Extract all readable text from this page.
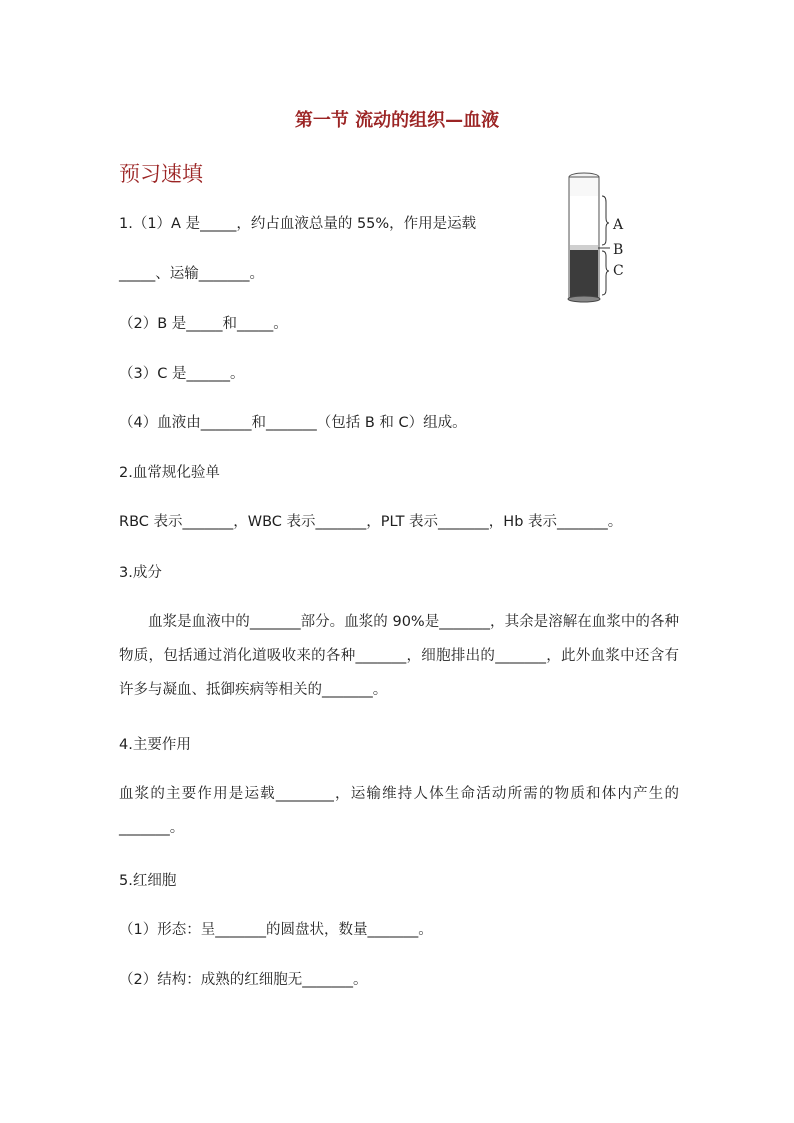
第一节 流动的组织—血液
预习速填
A
B
C
1.（1）A 是_____，约占血液总量的 55%，作用是运载
_____、运输_______。
（2）B 是_____和_____。
（3）C 是______。
（4）血液由_______和_______（包括 B 和 C）组成。
2.血常规化验单
RBC 表示_______，WBC 表示_______，PLT 表示_______，Hb 表示_______。
3.成分
　　血浆是血液中的_______部分。血浆的 90%是_______，其余是溶解在血浆中的各种物质，包括通过消化道吸收来的各种_______，细胞排出的_______，此外血浆中还含有许多与凝血、抵御疾病等相关的_______。
4.主要作用
血浆的主要作用是运载________，运输维持人体生命活动所需的物质和体内产生的_______。
5.红细胞
（1）形态：呈_______的圆盘状，数量_______。
（2）结构：成熟的红细胞无_______。
